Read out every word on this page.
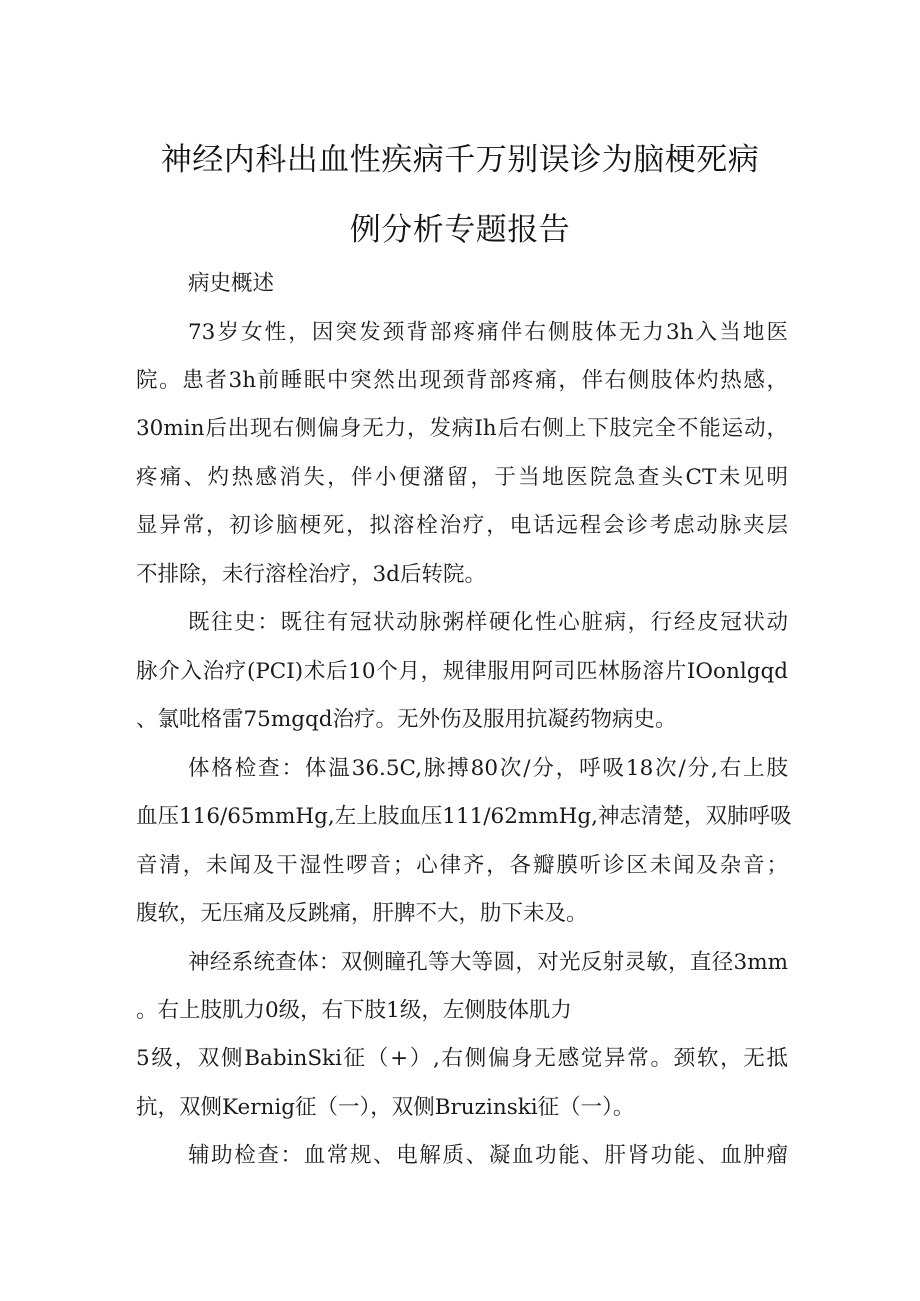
神经内科出血性疾病千万别误诊为脑梗死病
例分析专题报告
病史概述
73岁女性，因突发颈背部疼痛伴右侧肢体无力3h入当地医
院。患者3h前睡眠中突然出现颈背部疼痛，伴右侧肢体灼热感，
30min后出现右侧偏身无力，发病Ih后右侧上下肢完全不能运动，
疼痛、灼热感消失，伴小便潴留，于当地医院急查头CT未见明
显异常，初诊脑梗死，拟溶栓治疗，电话远程会诊考虑动脉夹层
不排除，未行溶栓治疗，3d后转院。
既往史：既往有冠状动脉粥样硬化性心脏病，行经皮冠状动
脉介入治疗(PCI)术后10个月，规律服用阿司匹林肠溶片IOonlgqd
、氯吡格雷75mgqd治疗。无外伤及服用抗凝药物病史。
体格检查：体温36.5C,脉搏80次/分，呼吸18次/分,右上肢
血压116/65mmHg,左上肢血压111/62mmHg,神志清楚，双肺呼吸
音清，未闻及干湿性啰音；心律齐，各瓣膜听诊区未闻及杂音；
腹软，无压痛及反跳痛，肝脾不大，肋下未及。
神经系统查体：双侧瞳孔等大等圆，对光反射灵敏，直径3mm
。右上肢肌力0级，右下肢1级，左侧肢体肌力
5级，双侧BabinSki征（+）,右侧偏身无感觉异常。颈软，无抵
抗，双侧Kernig征（一），双侧Bruzinski征（一）。
辅助检查：血常规、电解质、凝血功能、肝肾功能、血肿瘤
